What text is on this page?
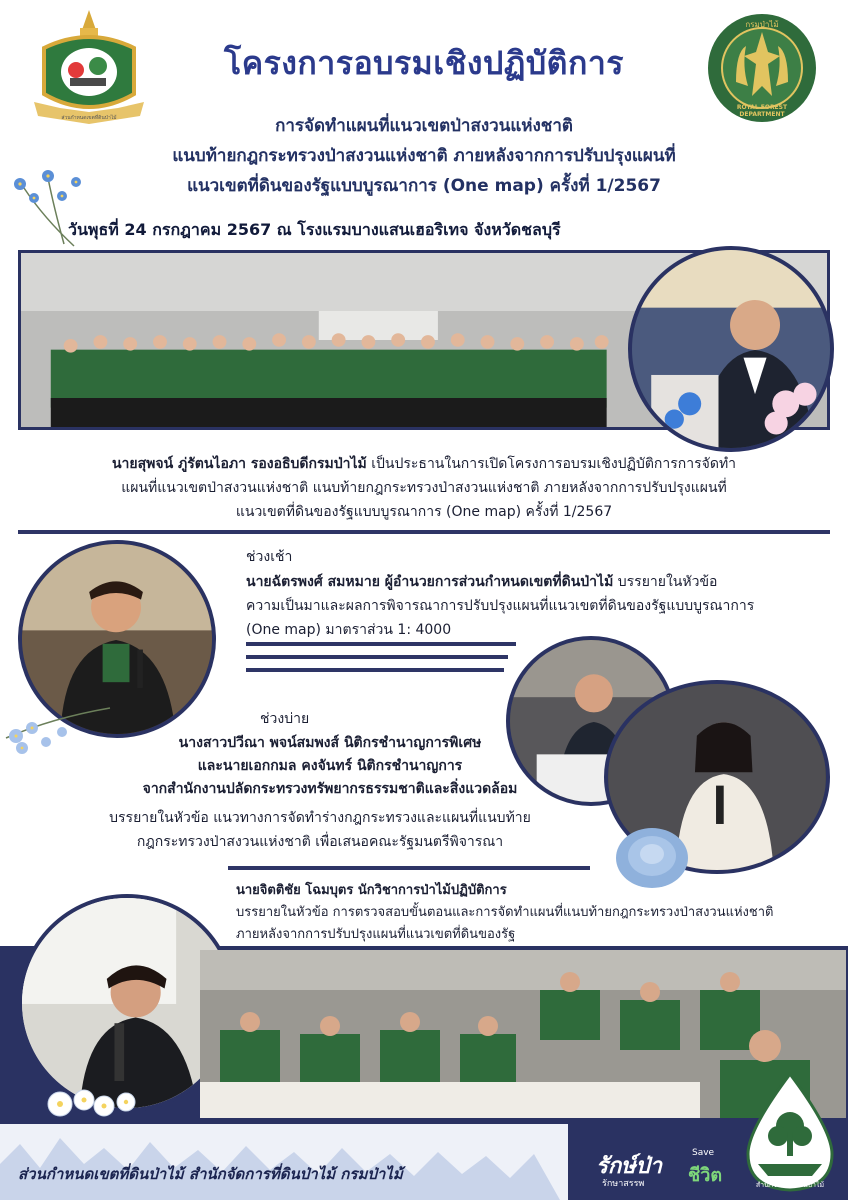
ส่วนกำหนดเขตที่ดินป่าไม้
กรมป่าไม้
ROYAL FOREST DEPARTMENT
โครงการอบรมเชิงปฏิบัติการ
การจัดทำแผนที่แนวเขตป่าสงวนแห่งชาติ
แนบท้ายกฎกระทรวงป่าสงวนแห่งชาติ ภายหลังจากการปรับปรุงแผนที่
แนวเขตที่ดินของรัฐแบบบูรณาการ (One map) ครั้งที่ 1/2567
วันพุธที่ 24 กรกฎาคม 2567 ณ โรงแรมบางแสนเฮอริเทจ จังหวัดชลบุรี
นายสุพจน์ ภู่รัตนไอภา รองอธิบดีกรมป่าไม้ เป็นประธานในการเปิดโครงการอบรมเชิงปฏิบัติการการจัดทำ
แผนที่แนวเขตป่าสงวนแห่งชาติ แนบท้ายกฎกระทรวงป่าสงวนแห่งชาติ ภายหลังจากการปรับปรุงแผนที่
แนวเขตที่ดินของรัฐแบบบูรณาการ (One map) ครั้งที่ 1/2567
ช่วงเช้า
นายฉัตรพงศ์ สมหมาย ผู้อำนวยการส่วนกำหนดเขตที่ดินป่าไม้ บรรยายในหัวข้อ
ความเป็นมาและผลการพิจารณาการปรับปรุงแผนที่แนวเขตที่ดินของรัฐแบบบูรณาการ
(One map) มาตราส่วน 1: 4000
ช่วงบ่าย
นางสาวปวีณา พจน์สมพงส์ นิติกรชำนาญการพิเศษ
และนายเอกกมล คงจันทร์ นิติกรชำนาญการ
จากสำนักงานปลัดกระทรวงทรัพยากรธรรมชาติและสิ่งแวดล้อม
บรรยายในหัวข้อ แนวทางการจัดทำร่างกฎกระทรวงและแผนที่แนบท้าย
กฎกระทรวงป่าสงวนแห่งชาติ เพื่อเสนอคณะรัฐมนตรีพิจารณา
นายจิตติชัย โฉมบุตร นักวิชาการป่าไม้ปฏิบัติการ
บรรยายในหัวข้อ การตรวจสอบขั้นตอนและการจัดทำแผนที่แนบท้ายกฎกระทรวงป่าสงวนแห่งชาติ
ภายหลังจากการปรับปรุงแผนที่แนวเขตที่ดินของรัฐ
ส่วนกำหนดเขตที่ดินป่าไม้ สำนักจัดการที่ดินป่าไม้ กรมป่าไม้	รักษ์ป่า
Save
ชีวิต
รักษาสรรพ	สำนักจัดการที่ดินป่าไม้
